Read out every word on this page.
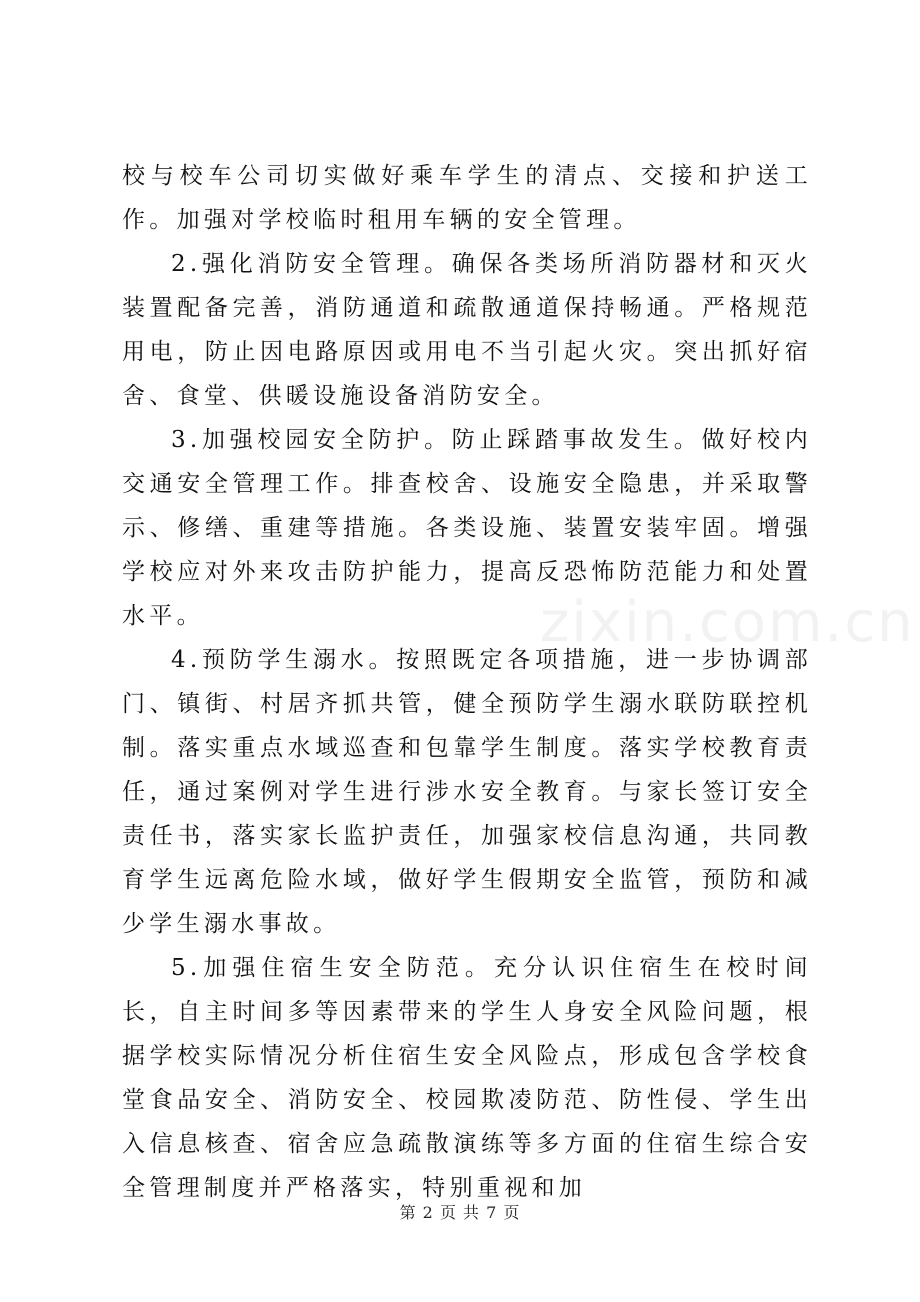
校与校车公司切实做好乘车学生的清点、交接和护送工作。加强对学校临时租用车辆的安全管理。

2.强化消防安全管理。确保各类场所消防器材和灭火装置配备完善，消防通道和疏散通道保持畅通。严格规范用电，防止因电路原因或用电不当引起火灾。突出抓好宿舍、食堂、供暖设施设备消防安全。

3.加强校园安全防护。防止踩踏事故发生。做好校内交通安全管理工作。排查校舍、设施安全隐患，并采取警示、修缮、重建等措施。各类设施、装置安装牢固。增强学校应对外来攻击防护能力，提高反恐怖防范能力和处置水平。

4.预防学生溺水。按照既定各项措施，进一步协调部门、镇街、村居齐抓共管，健全预防学生溺水联防联控机制。落实重点水域巡查和包靠学生制度。落实学校教育责任，通过案例对学生进行涉水安全教育。与家长签订安全责任书，落实家长监护责任，加强家校信息沟通，共同教育学生远离危险水域，做好学生假期安全监管，预防和减少学生溺水事故。

5.加强住宿生安全防范。充分认识住宿生在校时间长，自主时间多等因素带来的学生人身安全风险问题，根据学校实际情况分析住宿生安全风险点，形成包含学校食堂食品安全、消防安全、校园欺凌防范、防性侵、学生出入信息核查、宿舍应急疏散演练等多方面的住宿生综合安全管理制度并严格落实，特别重视和加

zixin.com.cn
第 2 页 共 7 页
